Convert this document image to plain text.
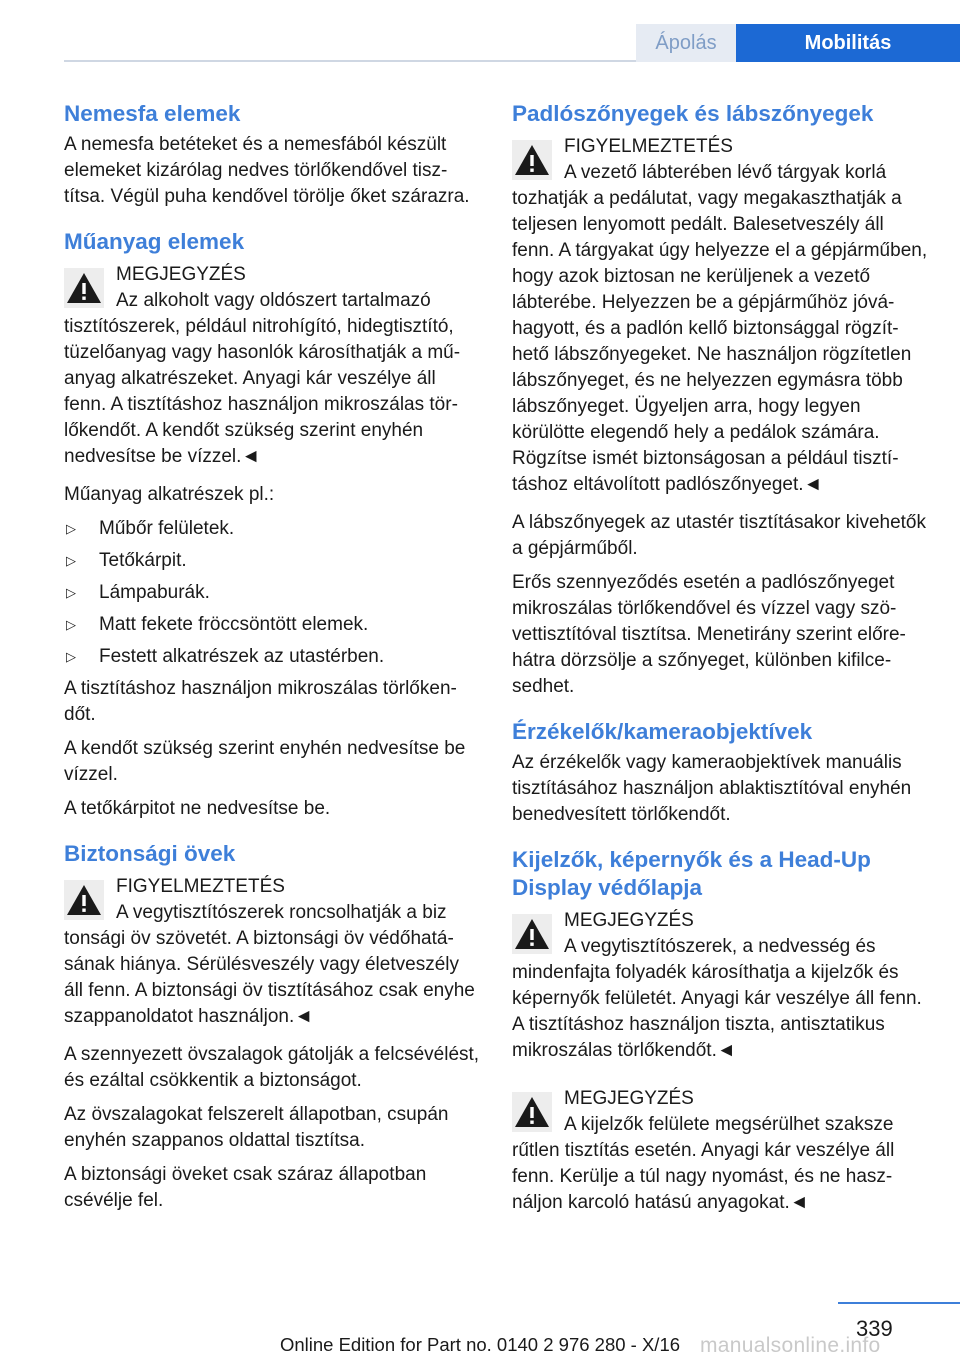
Ápolás	Mobilitás
Nemesfa elemek

A nemesfa betéteket és a nemesfából készült elemeket kizárólag nedves törlőkendővel tisztítsa. Végül puha kendővel törölje őket szárazra.

Műanyag elemek
MEGJEGYZÉS
Az alkoholt vagy oldószert tartalmazó
tisztítószerek, például nitrohígító, hidegtisztító, tüzelőanyag vagy hasonlók károsíthatják a műanyag alkatrészeket. Anyagi kár veszélye áll fenn. A tisztításhoz használjon mikroszálas törlőkendőt. A kendőt szükség szerint enyhén nedvesítse be vízzel.◄

Műanyag alkatrészek pl.:

▷ Műbőr felületek.
▷ Tetőkárpit.
▷ Lámpaburák.
▷ Matt fekete fröccsöntött elemek.
▷ Festett alkatrészek az utastérben.

A tisztításhoz használjon mikroszálas törlőkendőt.

A kendőt szükség szerint enyhén nedvesítse be vízzel.

A tetőkárpitot ne nedvesítse be.

Biztonsági övek
FIGYELMEZTETÉS
A vegytisztítószerek roncsolhatják a biz
tonsági öv szövetét. A biztonsági öv védőhatásának hiánya. Sérülésveszély vagy életveszély áll fenn. A biztonsági öv tisztításához csak enyhe szappanoldatot használjon.◄

A szennyezett övszalagok gátolják a felcsévélést, és ezáltal csökkentik a biztonságot.

Az övszalagokat felszerelt állapotban, csupán enyhén szappanos oldattal tisztítsa.

A biztonsági öveket csak száraz állapotban csévélje fel.

Padlószőnyegek és lábszőnyegek
FIGYELMEZTETÉS
A vezető lábterében lévő tárgyak korlá
tozhatják a pedálutat, vagy megakaszthatják a teljesen lenyomott pedált. Balesetveszély áll fenn. A tárgyakat úgy helyezze el a gépjárműben, hogy azok biztosan ne kerüljenek a vezető lábterébe. Helyezzen be a gépjárműhöz jóváhagyott, és a padlón kellő biztonsággal rögzíthető lábszőnyegeket. Ne használjon rögzítetlen lábszőnyeget, és ne helyezzen egymásra több lábszőnyeget. Ügyeljen arra, hogy legyen körülötte elegendő hely a pedálok számára. Rögzítse ismét biztonságosan a például tisztításhoz eltávolított padlószőnyeget.◄

A lábszőnyegek az utastér tisztításakor kivehetők a gépjárműből.

Erős szennyeződés esetén a padlószőnyeget mikroszálas törlőkendővel és vízzel vagy szövettisztítóval tisztítsa. Menetirány szerint előre-hátra dörzsölje a szőnyeget, különben kifilcesedhet.

Érzékelők/kameraobjektívek

Az érzékelők vagy kameraobjektívek manuális tisztításához használjon ablaktisztítóval enyhén benedvesített törlőkendőt.

Kijelzők, képernyők és a Head-Up Display védőlapja
MEGJEGYZÉS
A vegytisztítószerek, a nedvesség és
mindenfajta folyadék károsíthatja a kijelzők és képernyők felületét. Anyagi kár veszélye áll fenn. A tisztításhoz használjon tiszta, antisztatikus mikroszálas törlőkendőt.◄
MEGJEGYZÉS
A kijelzők felülete megsérülhet szakszе
rűtlen tisztítás esetén. Anyagi kár veszélye áll fenn. Kerülje a túl nagy nyomást, és ne használjon karcoló hatású anyagokat.◄
339
Online Edition for Part no. 0140 2 976 280 - X/16 manualsonline.info
